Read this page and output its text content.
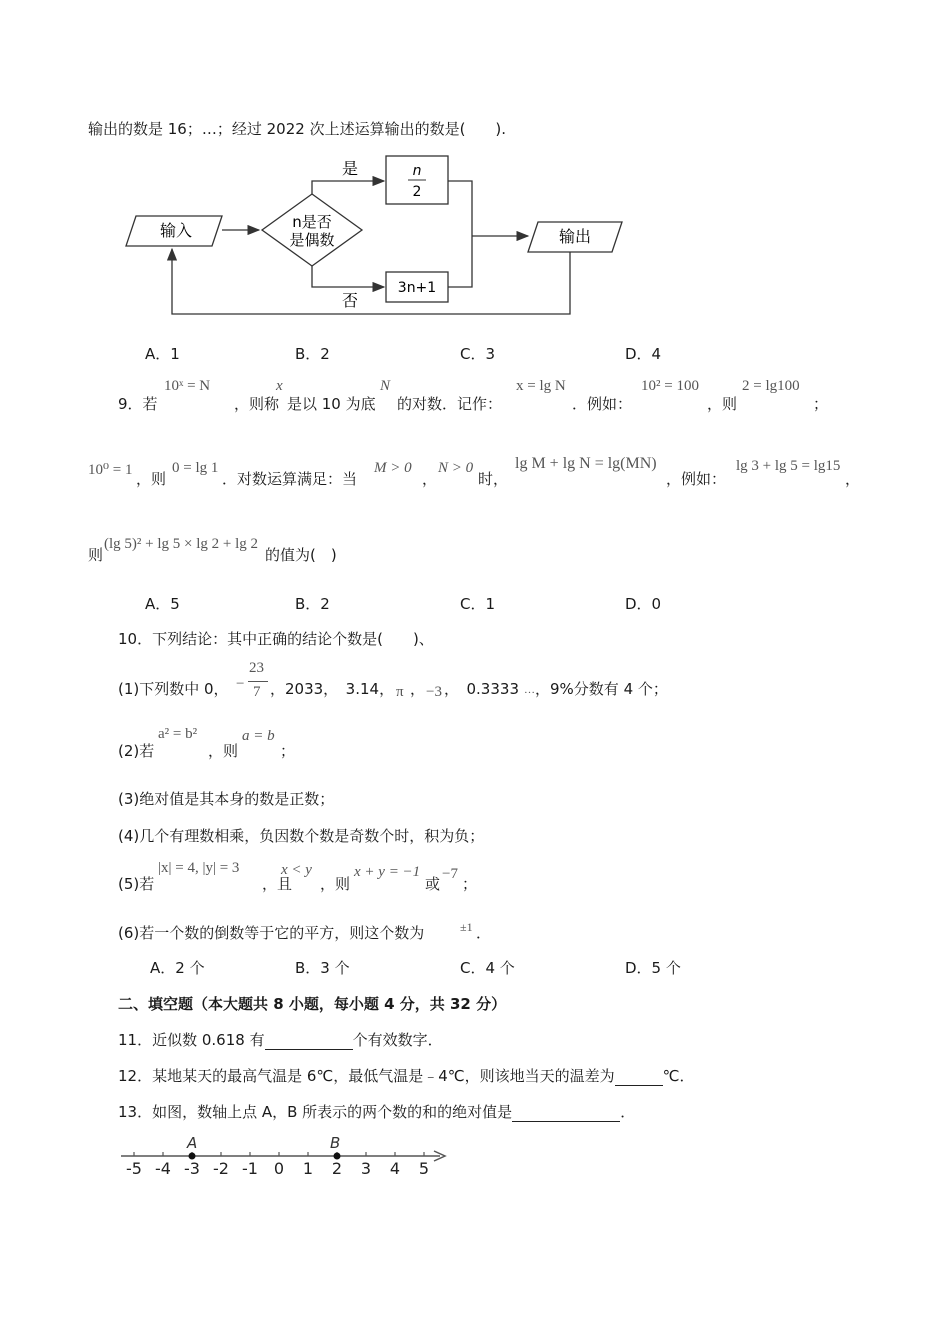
输出的数是 16；…；经过 2022 次上述运算输出的数是(　　).
输入	n是否
是偶数
是	n
2
否
3n+1
输出
A．1	B．2	C．3	D．4
9．若
10ˣ = N
，则称
x
是以 10 为底
N
的对数．记作：
x = lg N
．例如：
10² = 100
，则
2 = lg100
；
10⁰ = 1 ，则
0 = lg 1
．对数运算满足：当
M > 0
，
N > 0
时，
lg M + lg N = lg(MN)
，例如：
lg 3 + lg 5 = lg15
，
则
(lg 5)² + lg 5 × lg 2 + lg 2
的值为(　)
A．5	B．2	C．1	D．0
10．下列结论：其中正确的结论个数是(　　)、
(1)下列数中 0， −
23
7 ，2033，　3.14， π ， −3 ，　0.3333 … ，9%分数有 4 个；
(2)若
a² = b²
，则
a = b
；
(3)绝对值是其本身的数是正数；
(4)几个有理数相乘，负因数个数是奇数个时，积为负；
(5)若
|x| = 4, |y| = 3
，且
x < y
，则
x + y = −1
或
−7
；
(6)若一个数的倒数等于它的平方，则这个数为	±1 ．
A．2 个	B．3 个	C．4 个	D．5 个
二、填空题（本大题共 8 小题，每小题 4 分，共 32 分）
11．近似数 0.618 有	个有效数字．
12．某地某天的最高气温是 6℃，最低气温是﹣4℃，则该地当天的温差为	℃．
13．如图，数轴上点 A，B 所表示的两个数的和的绝对值是	．
-5 -4 -3 -2 -1 0 1 2 3 4 5
A	B
